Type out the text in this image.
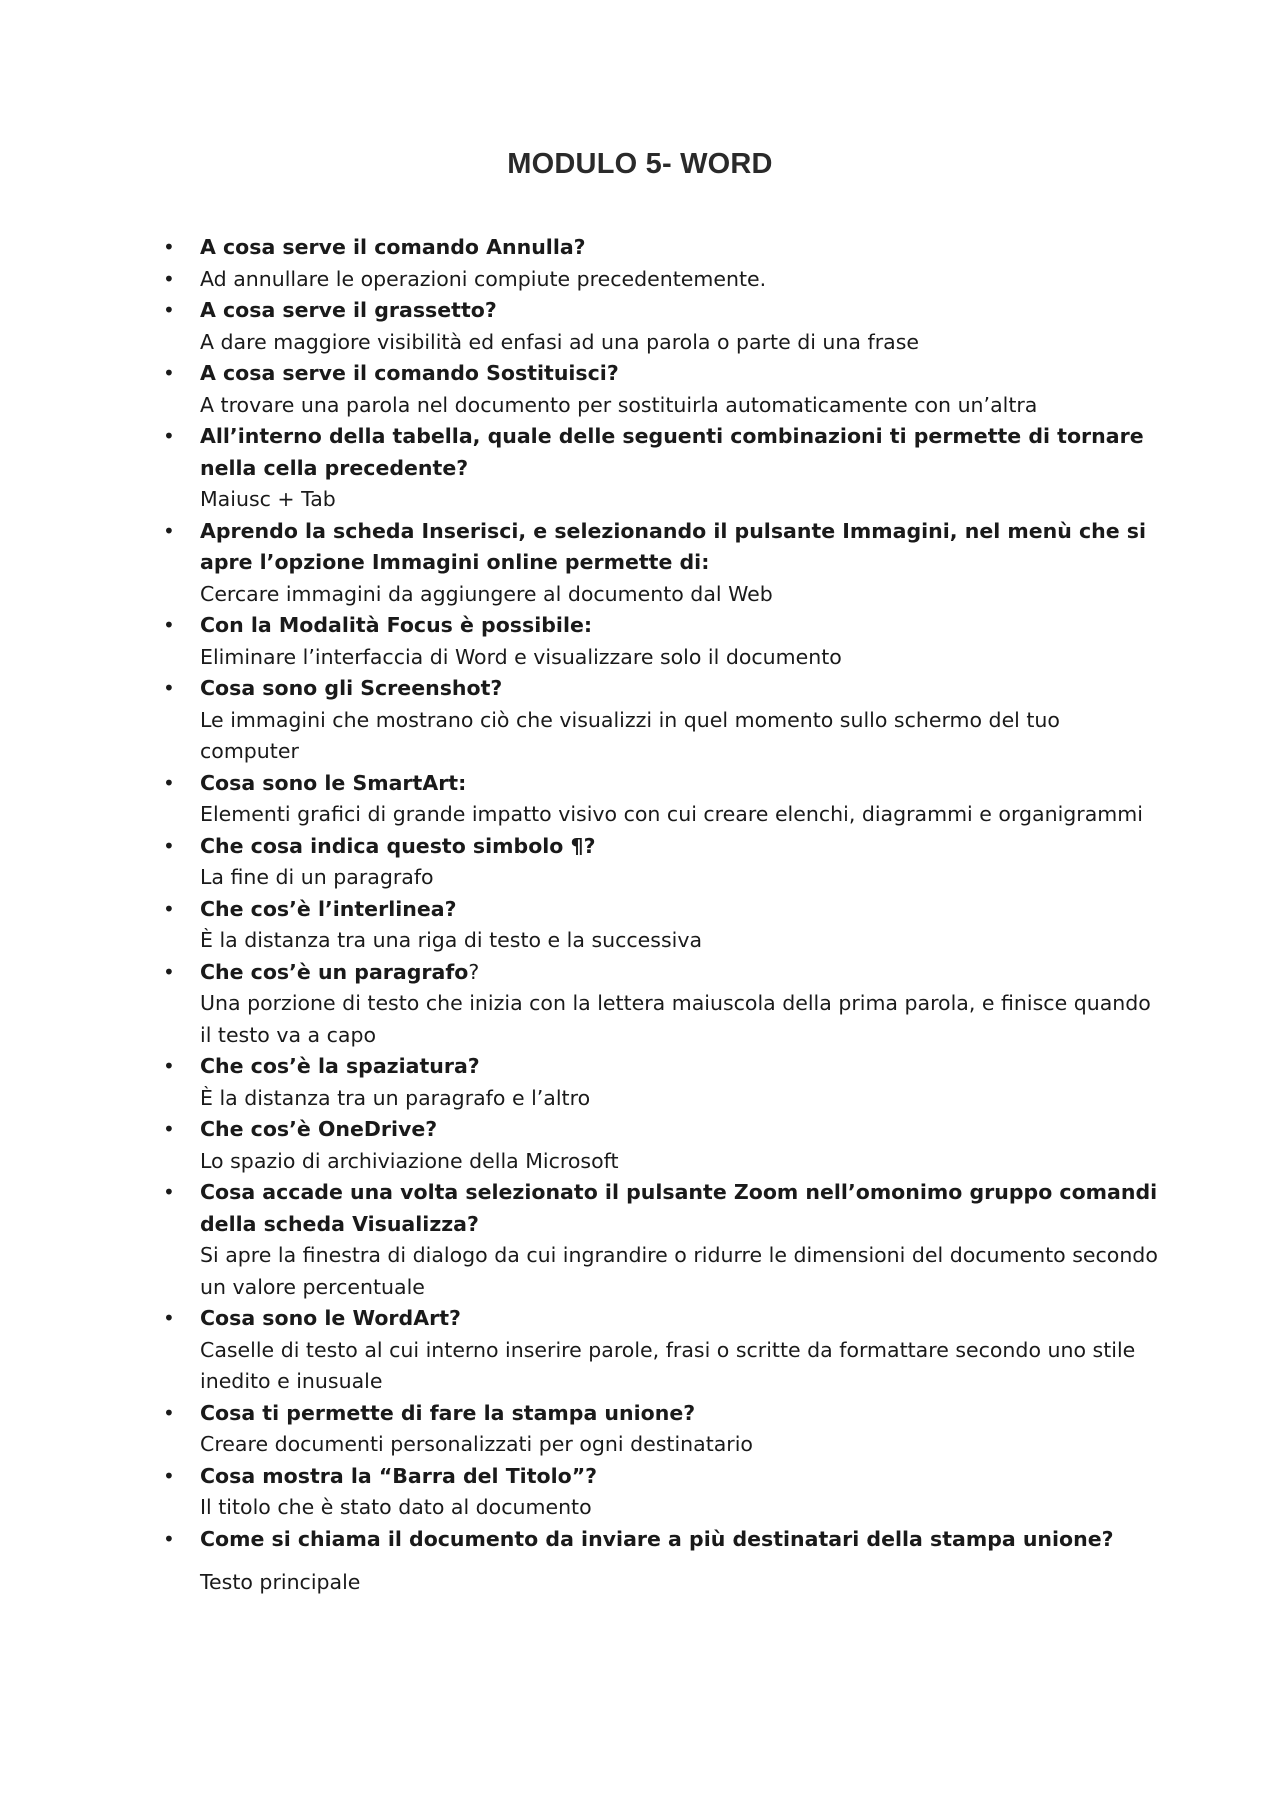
MODULO 5- WORD
• A cosa serve il comando Annulla?
• Ad annullare le operazioni compiute precedentemente.
• A cosa serve il grassetto?
A dare maggiore visibilità ed enfasi ad una parola o parte di una frase
• A cosa serve il comando Sostituisci?
A trovare una parola nel documento per sostituirla automaticamente con un’altra
• All’interno della tabella, quale delle seguenti combinazioni ti permette di tornare nella cella precedente?
Maiusc + Tab
• Aprendo la scheda Inserisci, e selezionando il pulsante Immagini, nel menù che si apre l’opzione Immagini online permette di:
Cercare immagini da aggiungere al documento dal Web
• Con la Modalità Focus è possibile:
Eliminare l’interfaccia di Word e visualizzare solo il documento
• Cosa sono gli Screenshot?
Le immagini che mostrano ciò che visualizzi in quel momento sullo schermo del tuo computer
• Cosa sono le SmartArt:
Elementi grafici di grande impatto visivo con cui creare elenchi, diagrammi e organigrammi
• Che cosa indica questo simbolo ¶?
La fine di un paragrafo
• Che cos’è l’interlinea?
È la distanza tra una riga di testo e la successiva
• Che cos’è un paragrafo?
Una porzione di testo che inizia con la lettera maiuscola della prima parola, e finisce quando il testo va a capo
• Che cos’è la spaziatura?
È la distanza tra un paragrafo e l’altro
• Che cos’è OneDrive?
Lo spazio di archiviazione della Microsoft
• Cosa accade una volta selezionato il pulsante Zoom nell’omonimo gruppo comandi della scheda Visualizza?
Si apre la finestra di dialogo da cui ingrandire o ridurre le dimensioni del documento secondo un valore percentuale
• Cosa sono le WordArt?
Caselle di testo al cui interno inserire parole, frasi o scritte da formattare secondo uno stile inedito e inusuale
• Cosa ti permette di fare la stampa unione?
Creare documenti personalizzati per ogni destinatario
• Cosa mostra la “Barra del Titolo”?
Il titolo che è stato dato al documento
• Come si chiama il documento da inviare a più destinatari della stampa unione?
Testo principale
